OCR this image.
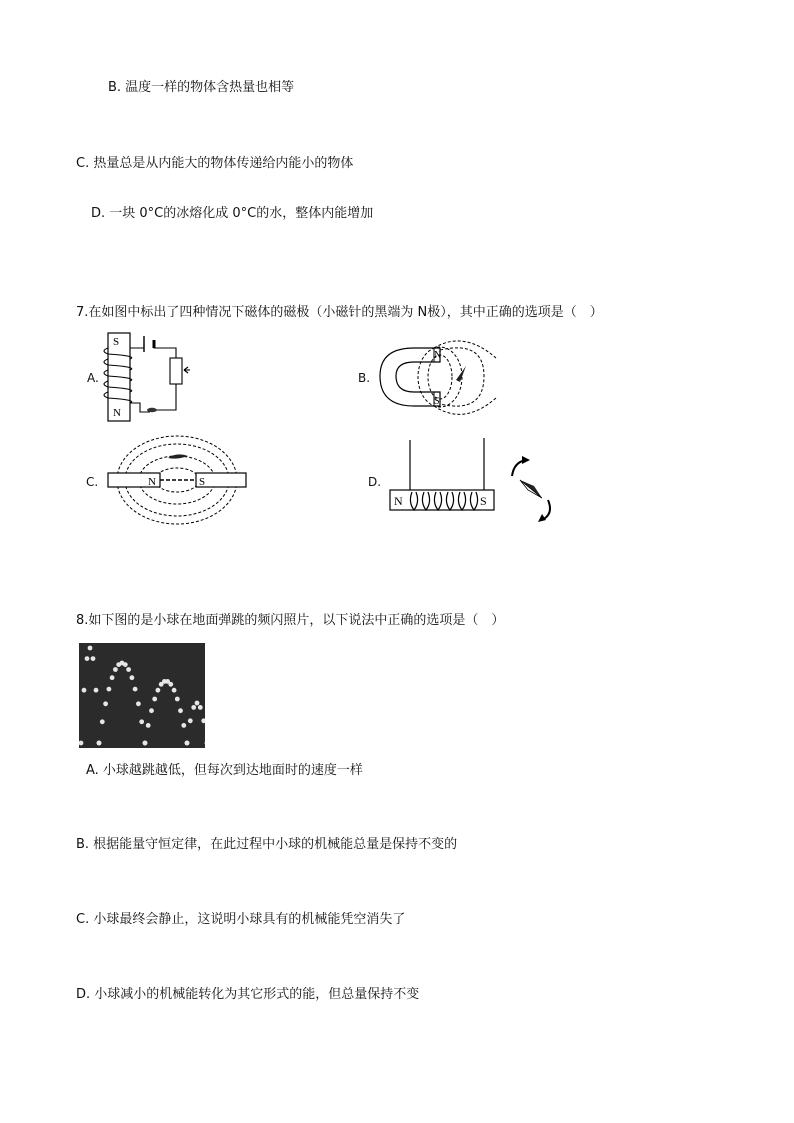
B. 温度一样的物体含热量也相等
C. 热量总是从内能大的物体传递给内能小的物体
D. 一块 0°C的冰熔化成 0°C的水，整体内能增加
7.在如图中标出了四种情况下磁体的磁极（小磁针的黑端为 N极），其中正确的选项是（　）
A.
S
N
B.
N
S
C.	N	S	D.
N	S
8.如下图的是小球在地面弹跳的频闪照片，以下说法中正确的选项是（　）
A. 小球越跳越低，但每次到达地面时的速度一样
B. 根据能量守恒定律，在此过程中小球的机械能总量是保持不变的
C. 小球最终会静止，这说明小球具有的机械能凭空消失了
D. 小球减小的机械能转化为其它形式的能，但总量保持不变
